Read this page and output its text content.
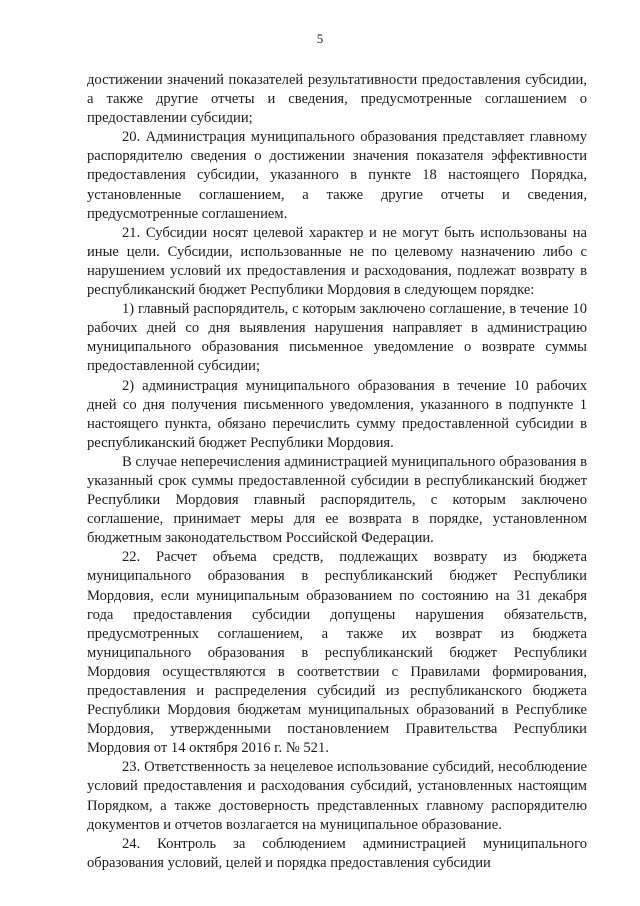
5

достижении значений показателей результативности предоставления субсидии, а также другие отчеты и сведения, предусмотренные соглашением о предоставлении субсидии;

20. Администрация муниципального образования представляет главному распорядителю сведения о достижении значения показателя эффективности предоставления субсидии, указанного в пункте 18 настоящего Порядка, установленные соглашением, а также другие отчеты и сведения, предусмотренные соглашением.

21. Субсидии носят целевой характер и не могут быть использованы на иные цели. Субсидии, использованные не по целевому назначению либо с нарушением условий их предоставления и расходования, подлежат возврату в республиканский бюджет Республики Мордовия в следующем порядке:

1) главный распорядитель, с которым заключено соглашение, в течение 10 рабочих дней со дня выявления нарушения направляет в администрацию муниципального образования письменное уведомление о возврате суммы предоставленной субсидии;

2) администрация муниципального образования в течение 10 рабочих дней со дня получения письменного уведомления, указанного в подпункте 1 настоящего пункта, обязано перечислить сумму предоставленной субсидии в республиканский бюджет Республики Мордовия.

В случае неперечисления администрацией муниципального образования в указанный срок суммы предоставленной субсидии в республиканский бюджет Республики Мордовия главный распорядитель, с которым заключено соглашение, принимает меры для ее возврата в порядке, установленном бюджетным законодательством Российской Федерации.

22. Расчет объема средств, подлежащих возврату из бюджета муниципального образования в республиканский бюджет Республики Мордовия, если муниципальным образованием по состоянию на 31 декабря года предоставления субсидии допущены нарушения обязательств, предусмотренных соглашением, а также их возврат из бюджета муниципального образования в республиканский бюджет Республики Мордовия осуществляются в соответствии с Правилами формирования, предоставления и распределения субсидий из республиканского бюджета Республики Мордовия бюджетам муниципальных образований в Республике Мордовия, утвержденными постановлением Правительства Республики Мордовия от 14 октября 2016 г. № 521.

23. Ответственность за нецелевое использование субсидий, несоблюдение условий предоставления и расходования субсидий, установленных настоящим Порядком, а также достоверность представленных главному распорядителю документов и отчетов возлагается на муниципальное образование.

24. Контроль за соблюдением администрацией муниципального образования условий, целей и порядка предоставления субсидии
